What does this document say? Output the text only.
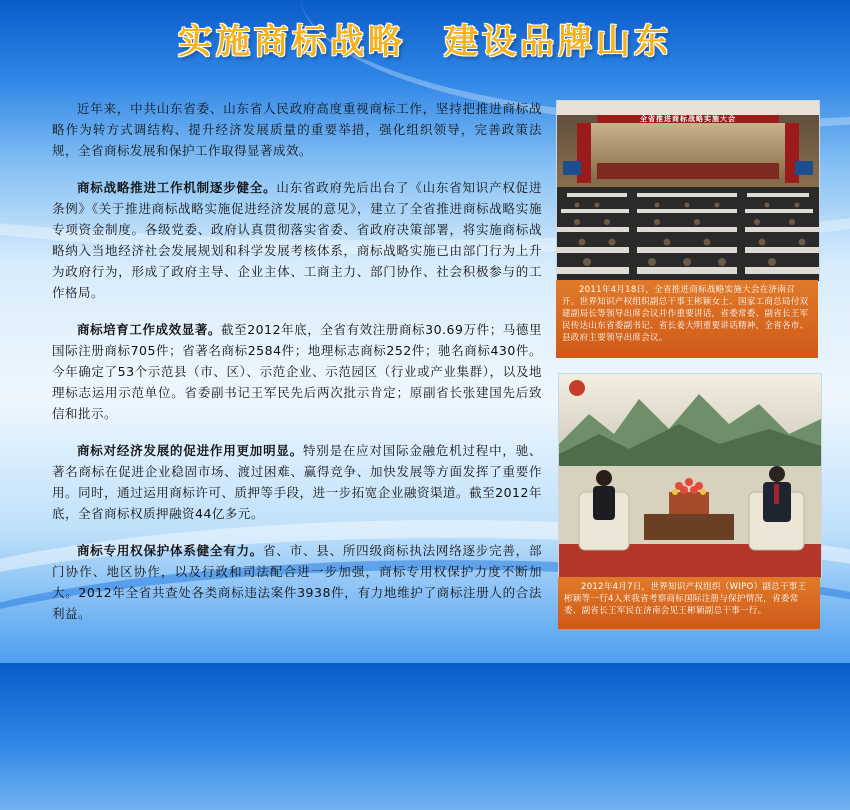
实施商标战略　建设品牌山东

近年来，中共山东省委、山东省人民政府高度重视商标工作，坚持把推进商标战略作为转方式调结构、提升经济发展质量的重要举措，强化组织领导，完善政策法规，全省商标发展和保护工作取得显著成效。

商标战略推进工作机制逐步健全。山东省政府先后出台了《山东省知识产权促进条例》《关于推进商标战略实施促进经济发展的意见》，建立了全省推进商标战略实施专项资金制度。各级党委、政府认真贯彻落实省委、省政府决策部署，将实施商标战略纳入当地经济社会发展规划和科学发展考核体系，商标战略实施已由部门行为上升为政府行为，形成了政府主导、企业主体、工商主力、部门协作、社会积极参与的工作格局。

商标培育工作成效显著。截至2012年底，全省有效注册商标30.69万件；马德里国际注册商标705件；省著名商标2584件；地理标志商标252件；驰名商标430件。今年确定了53个示范县（市、区）、示范企业、示范园区（行业或产业集群），以及地理标志运用示范单位。省委副书记王军民先后两次批示肯定；原副省长张建国先后致信和批示。

商标对经济发展的促进作用更加明显。特别是在应对国际金融危机过程中，驰、著名商标在促进企业稳固市场、渡过困难、赢得竞争、加快发展等方面发挥了重要作用。同时，通过运用商标许可、质押等手段，进一步拓宽企业融资渠道。截至2012年底，全省商标权质押融资44亿多元。

商标专用权保护体系健全有力。省、市、县、所四级商标执法网络逐步完善，部门协作、地区协作，以及行政和司法配合进一步加强，商标专用权保护力度不断加大。2012年全省共查处各类商标违法案件3938件，有力地维护了商标注册人的合法利益。

全省推进商标战略实施大会
2011年4月18日，全省推进商标战略实施大会在济南召开。世界知识产权组织副总干事王彬颖女士、国家工商总局付双建副局长等领导出席会议并作重要讲话，省委常委、副省长王军民传达山东省委副书记、省长姜大明重要讲话精神，全省各市、县政府主要领导出席会议。
2012年4月7日，世界知识产权组织（WIPO）副总干事王彬颖等一行4人来我省考察商标国际注册与保护情况，省委常委、副省长王军民在济南会见王彬颖副总干事一行。
